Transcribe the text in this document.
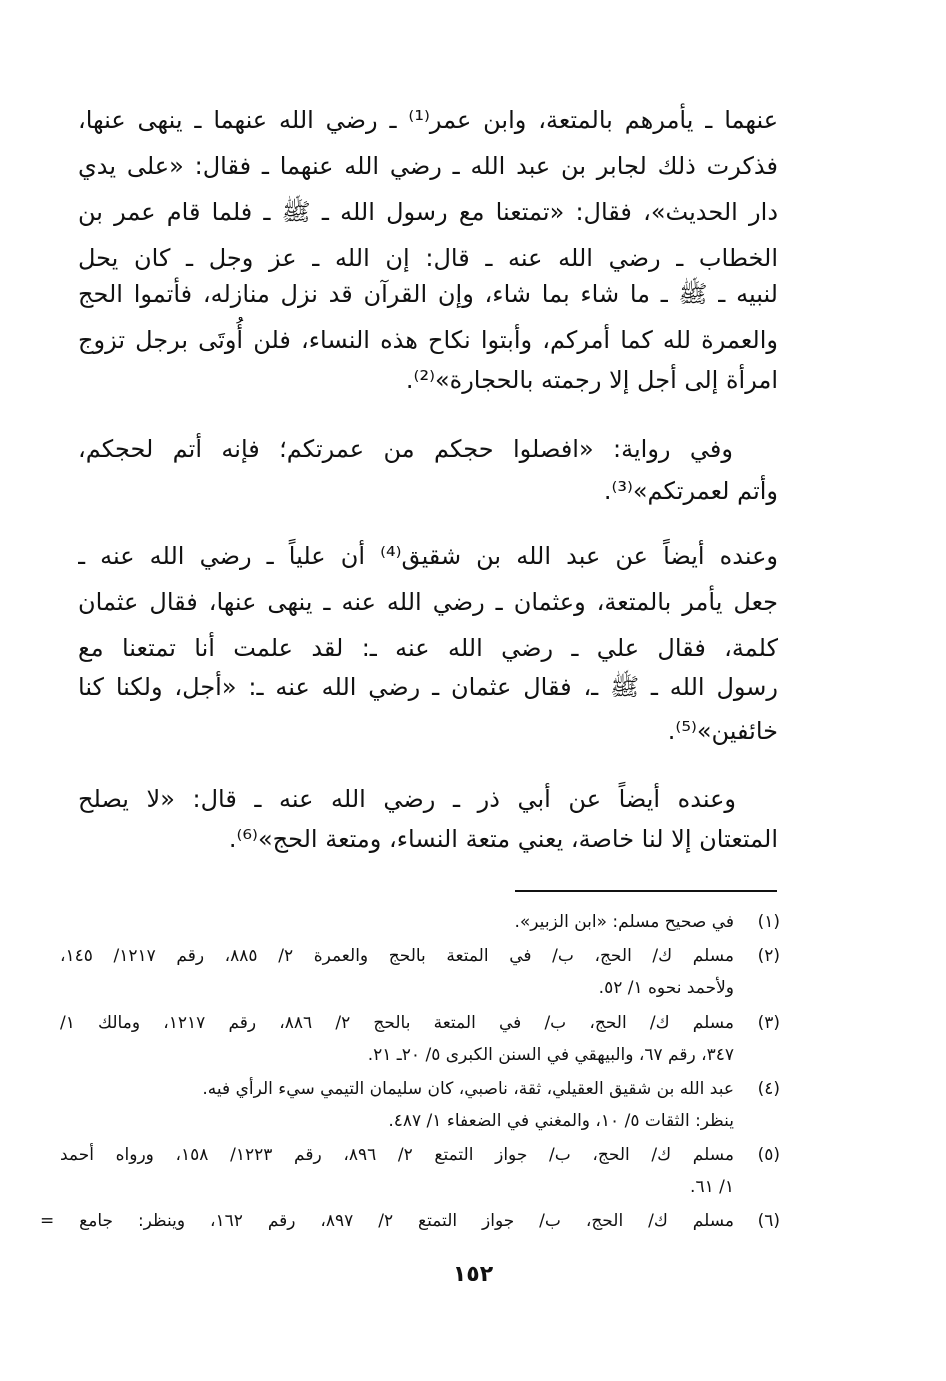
عنهما ـ يأمرهم بالمتعة، وابن عمر⁽¹⁾ ـ رضي الله عنهما ـ ينهى عنها،
فذكرت ذلك لجابر بن عبد الله ـ رضي الله عنهما ـ فقال: «على يدي
دار الحديث»، فقال: «تمتعنا مع رسول الله ـ ﷺ ـ فلما قام عمر بن
الخطاب ـ رضي الله عنه ـ قال: إن الله ـ عز وجل ـ كان يحل
لنبيه ـ ﷺ ـ ما شاء بما شاء، وإن القرآن قد نزل منازله، فأتموا الحج
والعمرة لله كما أمركم، وأبتوا نكاح هذه النساء، فلن أُوتَى برجل تزوج
امرأة إلى أجل إلا رجمته بالحجارة»⁽²⁾.
وفي رواية: «افصلوا حجكم من عمرتكم؛ فإنه أتم لحجكم،
وأتم لعمرتكم»⁽³⁾.
وعنده أيضاً عن عبد الله بن شقيق⁽⁴⁾ أن علياً ـ رضي الله عنه ـ
جعل يأمر بالمتعة، وعثمان ـ رضي الله عنه ـ ينهى عنها، فقال عثمان
كلمة، فقال علي ـ رضي الله عنه ـ: لقد علمت أنا تمتعنا مع
رسول الله ـ ﷺ ـ، فقال عثمان ـ رضي الله عنه ـ: «أجل، ولكنا كنا
خائفين»⁽⁵⁾.
وعنده أيضاً عن أبي ذر ـ رضي الله عنه ـ قال: «لا يصلح
المتعتان إلا لنا خاصة، يعني متعة النساء، ومتعة الحج»⁽⁶⁾.
(١)
في صحيح مسلم: «ابن الزبير».
(٢)
مسلم ك/ الحج، ب/ في المتعة بالحج والعمرة ٢/ ٨٨٥، رقم ١٢١٧/ ١٤٥،
ولأحمد نحوه ١/ ٥٢.
(٣)
مسلم ك/ الحج، ب/ في المتعة بالحج ٢/ ٨٨٦، رقم ١٢١٧، ومالك ١/
٣٤٧، رقم ٦٧، والبيهقي في السنن الكبرى ٥/ ٢٠ـ ٢١.
(٤)
عبد الله بن شقيق العقيلي، ثقة، ناصبي، كان سليمان التيمي سيء الرأي فيه.
ينظر: الثقات ٥/ ١٠، والمغني في الضعفاء ١/ ٤٨٧.
(٥)
مسلم ك/ الحج، ب/ جواز التمتع ٢/ ٨٩٦، رقم ١٢٢٣/ ١٥٨، ورواه أحمد
١/ ٦١.
(٦)
مسلم ك/ الحج، ب/ جواز التمتع ٢/ ٨٩٧، رقم ١٦٢، وينظر: جامع =
١٥٢
